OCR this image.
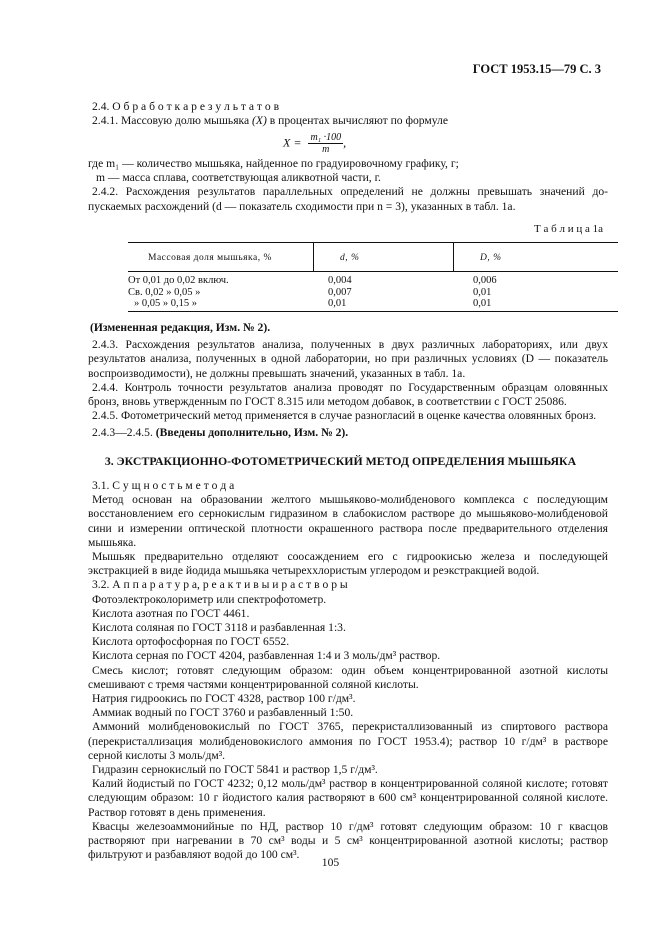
ГОСТ 1953.15—79 С. 3

2.4. О б р а б о т к а р е з у л ь т а т о в

2.4.1. Массовую долю мышьяка (X) в процентах вычисляют по формуле

$X = \frac{\text{m₁ ·100}}{m}$ ,

где m₁ — количество мышьяка, найденное по градуировочному графику, г;

m — масса сплава, соответствующая аликвотной части, г.

2.4.2. Расхождения результатов параллельных определений не должны превышать значений до-пускаемых расхождений (d — показатель сходимости при n = 3), указанных в табл. 1а.

Т а б л и ц а 1а
Массовая доля мышьяка, %	d, %	D, %
От 0,01 до 0,02 включ.	0,004	0,006
Св. 0,02 » 0,05 »	0,007	0,01
» 0,05 » 0,15 »	0,01	0,01

(Измененная редакция, Изм. № 2).

2.4.3. Расхождения результатов анализа, полученных в двух различных лабораториях, или двух результатов анализа, полученных в одной лаборатории, но при различных условиях (D — показатель воспроизводимости), не должны превышать значений, указанных в табл. 1а.

2.4.4. Контроль точности результатов анализа проводят по Государственным образцам оловянных бронз, вновь утвержденным по ГОСТ 8.315 или методом добавок, в соответствии с ГОСТ 25086.

2.4.5. Фотометрический метод применяется в случае разногласий в оценке качества оловянных бронз.

2.4.3—2.4.5. (Введены дополнительно, Изм. № 2).

3. ЭКСТРАКЦИОННО-ФОТОМЕТРИЧЕСКИЙ МЕТОД ОПРЕДЕЛЕНИЯ МЫШЬЯКА

3.1. С у щ н о с т ь м е т о д а

Метод основан на образовании желтого мышьяково-молибденового комплекса с последующим восстановлением его сернокислым гидразином в слабокислом растворе до мышьяково-молибденовой сини и измерении оптической плотности окрашенного раствора после предварительного отделения мышьяка.

Мышьяк предварительно отделяют соосаждением его с гидроокисью железа и последующей экстракцией в виде йодида мышьяка четыреххлористым углеродом и реэкстракцией водой.

3.2. А п п а р а т у р а, р е а к т и в ы и р а с т в о р ы

Фотоэлектроколориметр или спектрофотометр.

Кислота азотная по ГОСТ 4461.

Кислота соляная по ГОСТ 3118 и разбавленная 1:3.

Кислота ортофосфорная по ГОСТ 6552.

Кислота серная по ГОСТ 4204, разбавленная 1:4 и 3 моль/дм³ раствор.

Смесь кислот; готовят следующим образом: один объем концентрированной азотной кислоты смешивают с тремя частями концентрированной соляной кислоты.

Натрия гидроокись по ГОСТ 4328, раствор 100 г/дм³.

Аммиак водный по ГОСТ 3760 и разбавленный 1:50.

Аммоний молибденовокислый по ГОСТ 3765, перекристаллизованный из спиртового раствора (перекристаллизация молибденовокислого аммония по ГОСТ 1953.4); раствор 10 г/дм³ в растворе серной кислоты 3 моль/дм³.

Гидразин сернокислый по ГОСТ 5841 и раствор 1,5 г/дм³.

Калий йодистый по ГОСТ 4232; 0,12 моль/дм³ раствор в концентрированной соляной кислоте; готовят следующим образом: 10 г йодистого калия растворяют в 600 см³ концентрированной соляной кислоте. Раствор готовят в день применения.

Квасцы железоаммонийные по НД, раствор 10 г/дм³ готовят следующим образом: 10 г квасцов растворяют при нагревании в 70 см³ воды и 5 см³ концентрированной азотной кислоты; раствор фильтруют и разбавляют водой до 100 см³.

105
